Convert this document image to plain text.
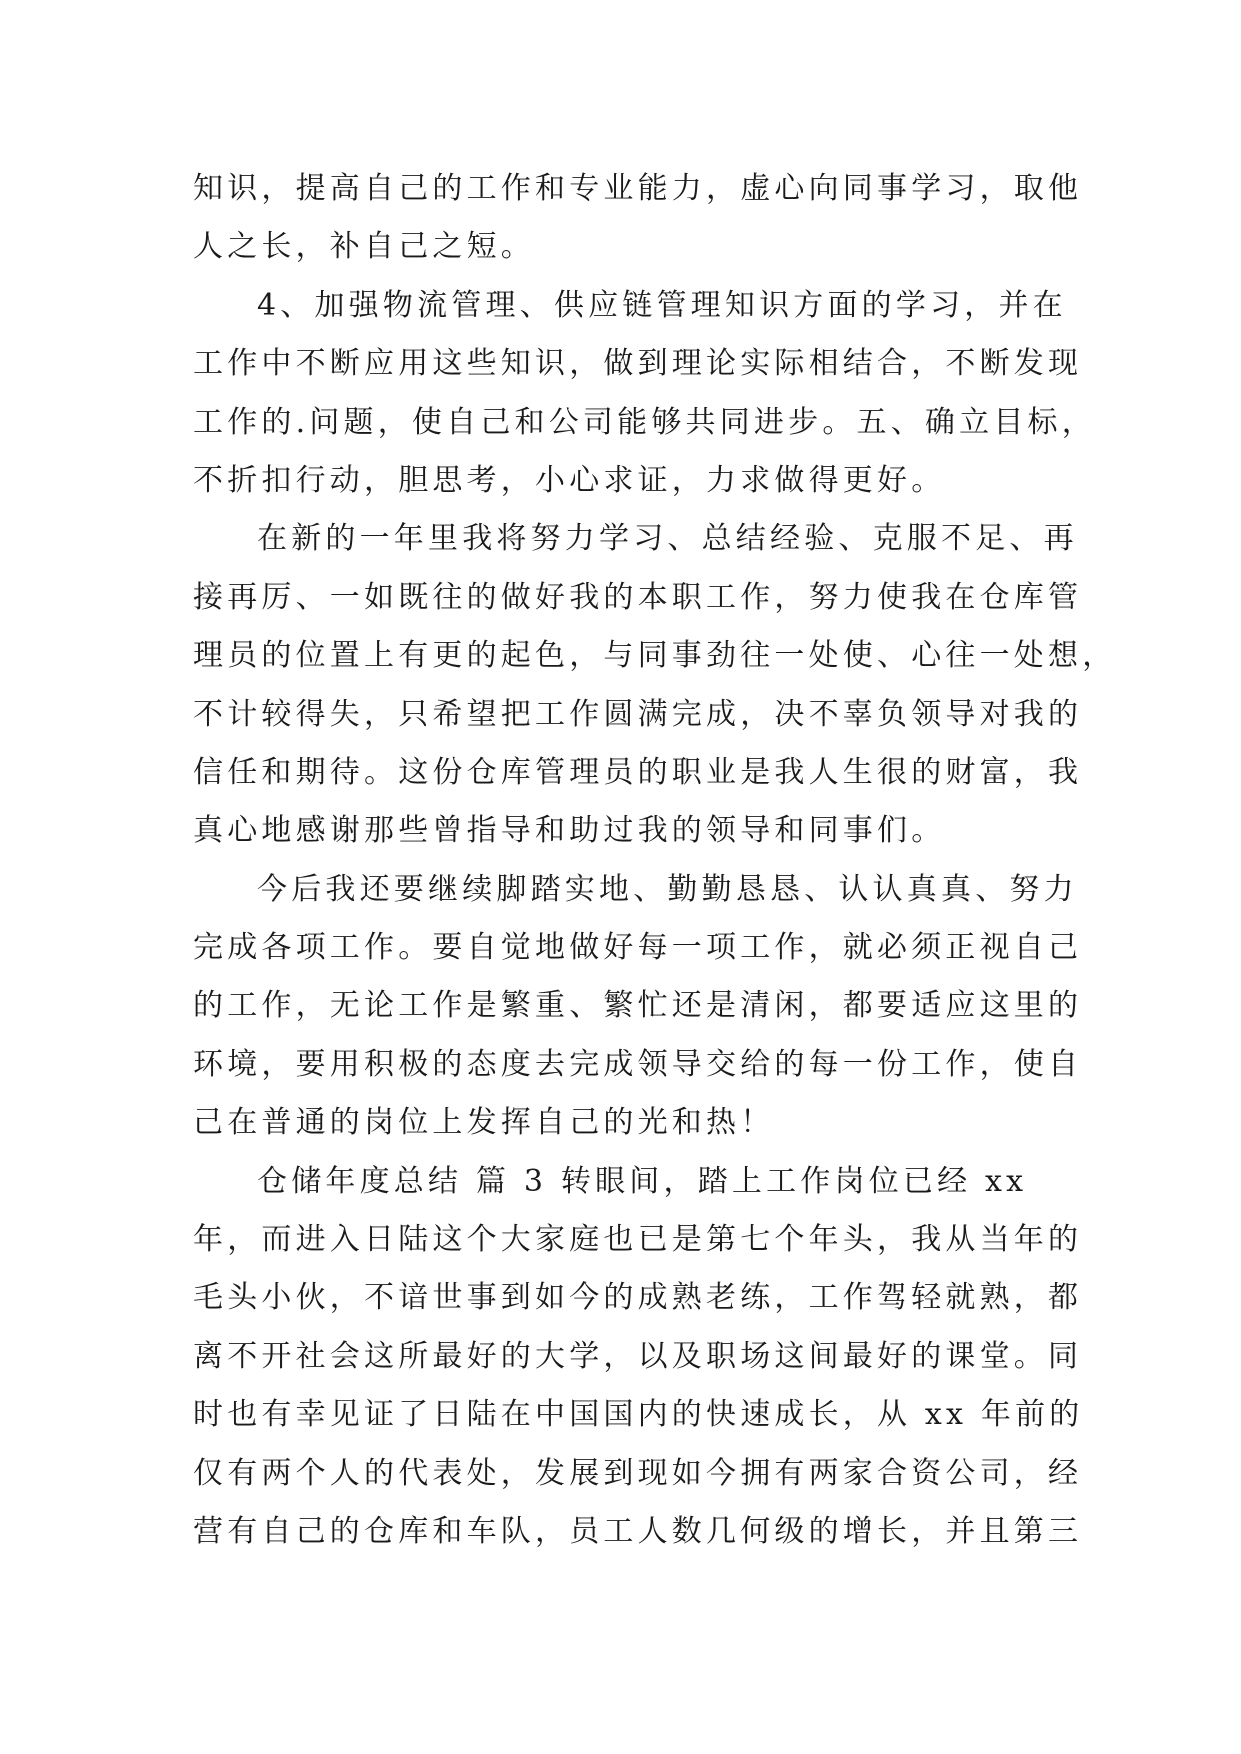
知识，提高自己的工作和专业能力，虚心向同事学习，取他
人之长，补自己之短。
4、加强物流管理、供应链管理知识方面的学习，并在
工作中不断应用这些知识，做到理论实际相结合，不断发现
工作的.问题，使自己和公司能够共同进步。五、确立目标，
不折扣行动，胆思考，小心求证，力求做得更好。
在新的一年里我将努力学习、总结经验、克服不足、再
接再厉、一如既往的做好我的本职工作，努力使我在仓库管
理员的位置上有更的起色，与同事劲往一处使、心往一处想，
不计较得失，只希望把工作圆满完成，决不辜负领导对我的
信任和期待。这份仓库管理员的职业是我人生很的财富，我
真心地感谢那些曾指导和助过我的领导和同事们。
今后我还要继续脚踏实地、勤勤恳恳、认认真真、努力
完成各项工作。要自觉地做好每一项工作，就必须正视自己
的工作，无论工作是繁重、繁忙还是清闲，都要适应这里的
环境，要用积极的态度去完成领导交给的每一份工作，使自
己在普通的岗位上发挥自己的光和热！
仓储年度总结 篇 3 转眼间，踏上工作岗位已经 xx
年，而进入日陆这个大家庭也已是第七个年头，我从当年的
毛头小伙，不谙世事到如今的成熟老练，工作驾轻就熟，都
离不开社会这所最好的大学，以及职场这间最好的课堂。同
时也有幸见证了日陆在中国国内的快速成长，从 xx 年前的
仅有两个人的代表处，发展到现如今拥有两家合资公司，经
营有自己的仓库和车队，员工人数几何级的增长，并且第三
